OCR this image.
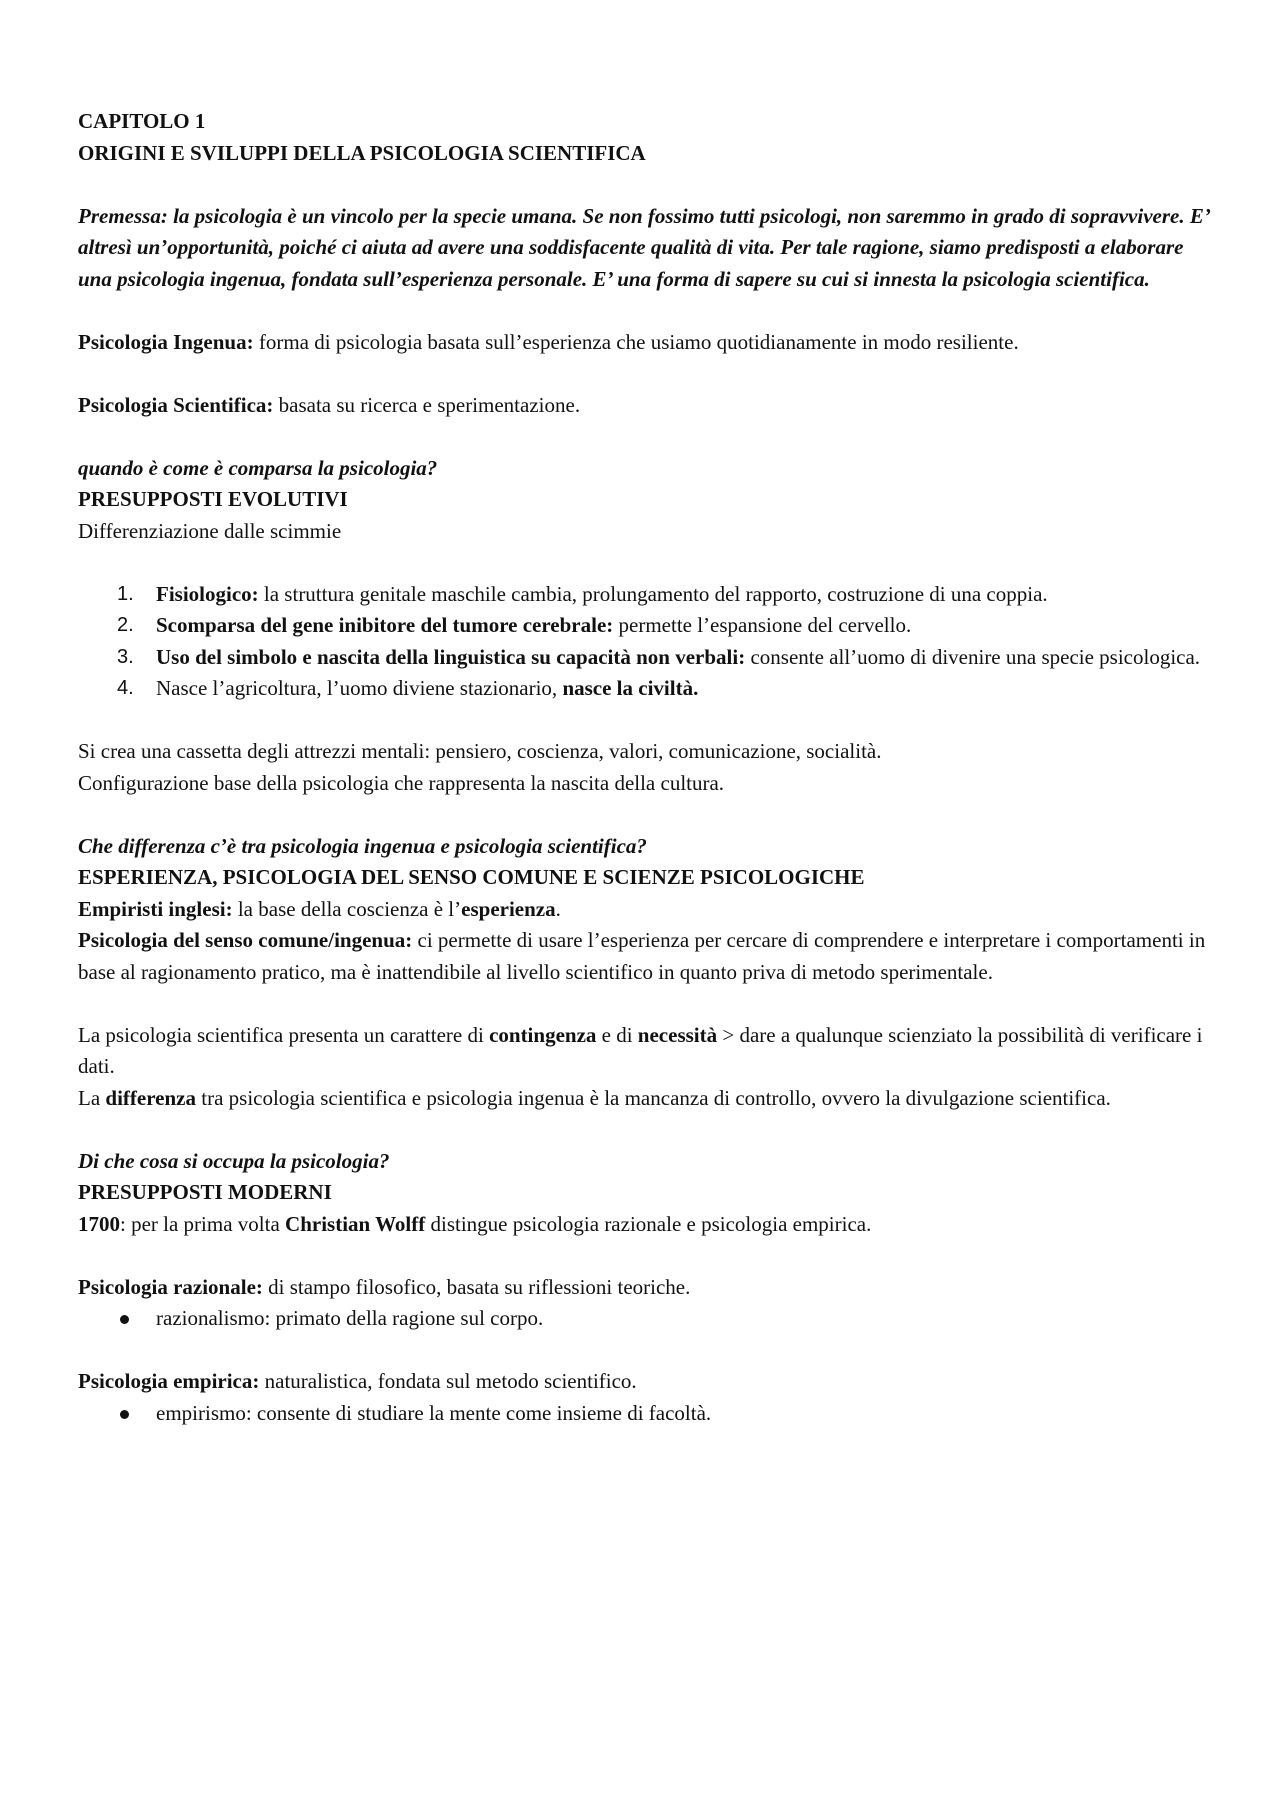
CAPITOLO 1

ORIGINI E SVILUPPI DELLA PSICOLOGIA SCIENTIFICA

Premessa: la psicologia è un vincolo per la specie umana. Se non fossimo tutti psicologi, non saremmo in grado di sopravvivere. E’ altresì un’opportunità, poiché ci aiuta ad avere una soddisfacente qualità di vita. Per tale ragione, siamo predisposti a elaborare una psicologia ingenua, fondata sull’esperienza personale. E’ una forma di sapere su cui si innesta la psicologia scientifica.

Psicologia Ingenua: forma di psicologia basata sull’esperienza che usiamo quotidianamente in modo resiliente.

Psicologia Scientifica: basata su ricerca e sperimentazione.

quando è come è comparsa la psicologia?

PRESUPPOSTI EVOLUTIVI

Differenziazione dalle scimmie

1. Fisiologico: la struttura genitale maschile cambia, prolungamento del rapporto, costruzione di una coppia.
2. Scomparsa del gene inibitore del tumore cerebrale: permette l’espansione del cervello.
3. Uso del simbolo e nascita della linguistica su capacità non verbali: consente all’uomo di divenire una specie psicologica.
4. Nasce l’agricoltura, l’uomo diviene stazionario, nasce la civiltà.

Si crea una cassetta degli attrezzi mentali: pensiero, coscienza, valori, comunicazione, socialità.

Configurazione base della psicologia che rappresenta la nascita della cultura.

Che differenza c’è tra psicologia ingenua e psicologia scientifica?

ESPERIENZA, PSICOLOGIA DEL SENSO COMUNE E SCIENZE PSICOLOGICHE

Empiristi inglesi: la base della coscienza è l’esperienza.

Psicologia del senso comune/ingenua: ci permette di usare l’esperienza per cercare di comprendere e interpretare i comportamenti in base al ragionamento pratico, ma è inattendibile al livello scientifico in quanto priva di metodo sperimentale.

La psicologia scientifica presenta un carattere di contingenza e di necessità > dare a qualunque scienziato la possibilità di verificare i dati.

La differenza tra psicologia scientifica e psicologia ingenua è la mancanza di controllo, ovvero la divulgazione scientifica.

Di che cosa si occupa la psicologia?

PRESUPPOSTI MODERNI

1700: per la prima volta Christian Wolff distingue psicologia razionale e psicologia empirica.

Psicologia razionale: di stampo filosofico, basata su riflessioni teoriche.

razionalismo: primato della ragione sul corpo.

Psicologia empirica: naturalistica, fondata sul metodo scientifico.

empirismo: consente di studiare la mente come insieme di facoltà.
